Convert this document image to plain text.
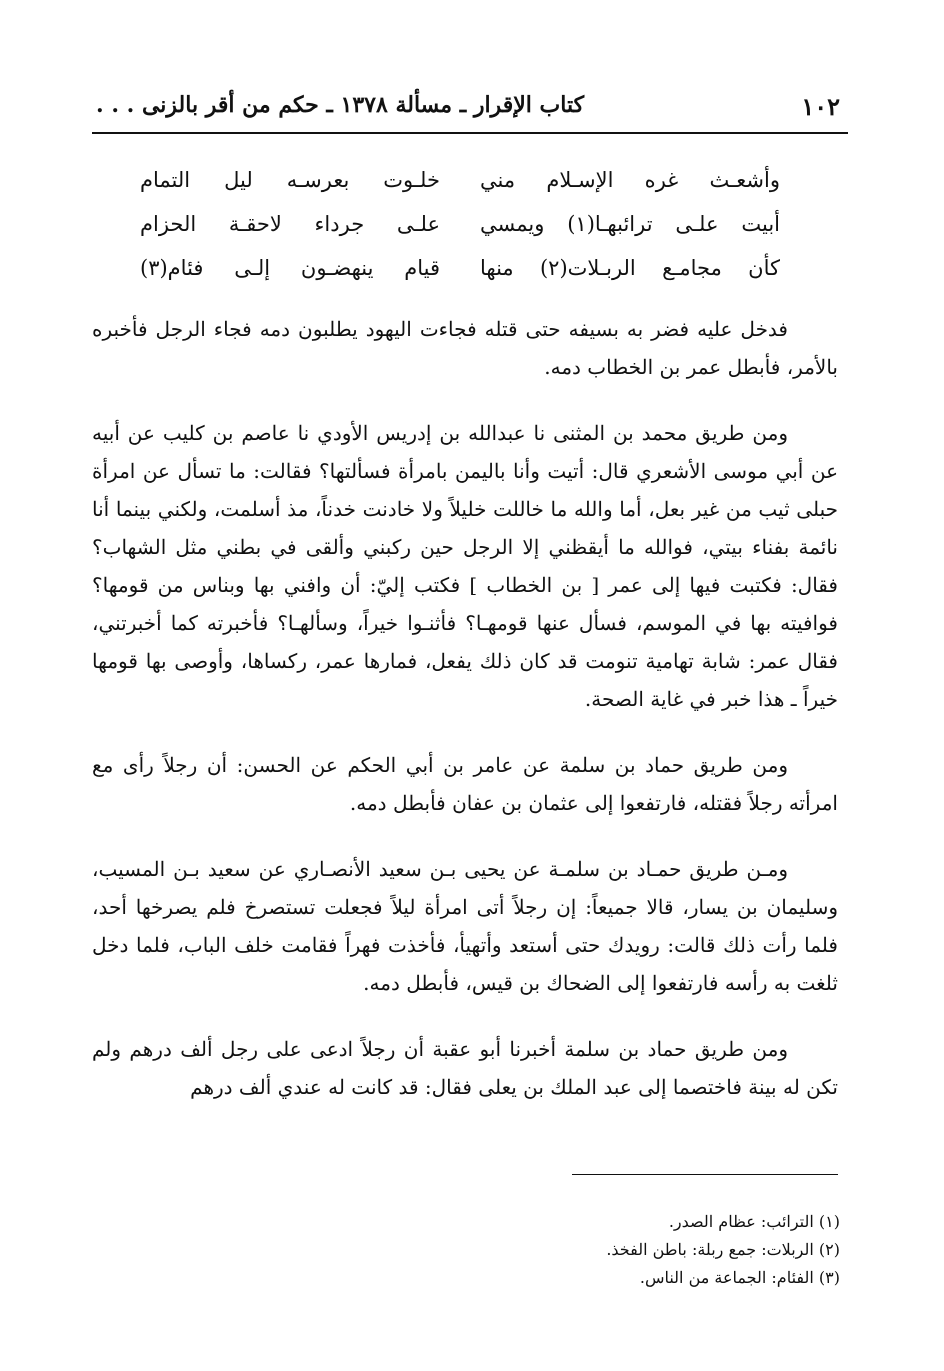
١٠٢
كتاب الإقرار ـ مسألة ١٣٧٨ ـ حكم من أقر بالزنى . . .
وأشعـث غره الإسـلام مني
خلـوت بعرسـه ليل التمام
أبيت علـى ترائبهـا(١) ويمسي
علـى جرداء لاحقـة الحزام
كأن مجامـع الربـلات(٢) منها
قيام ينهضـون إلـى فئام(٣)

فدخل عليه فضر به بسيفه حتى قتله فجاءت اليهود يطلبون دمه فجاء الرجل فأخبره بالأمر، فأبطل عمر بن الخطاب دمه.

ومن طريق محمد بن المثنى نا عبدالله بن إدريس الأودي نا عاصم بن كليب عن أبيه عن أبي موسى الأشعري قال: أتيت وأنا باليمن بامرأة فسألتها؟ فقالت: ما تسأل عن امرأة حبلى ثيب من غير بعل، أما والله ما خاللت خليلاً ولا خادنت خدناً، مذ أسلمت، ولكني بينما أنا نائمة بفناء بيتي، فوالله ما أيقظني إلا الرجل حين ركبني وألقى في بطني مثل الشهاب؟ فقال: فكتبت فيها إلى عمر [ بن الخطاب ] فكتب إليّ: أن وافني بها وبناس من قومها؟ فوافيته بها في الموسم، فسأل عنها قومهـا؟ فأثنـوا خيراً، وسألهـا؟ فأخبرته كما أخبرتني، فقال عمر: شابة تهامية تنومت قد كان ذلك يفعل، فمارها عمر، ركساها، وأوصى بها قومها خيراً ـ هذا خبر في غاية الصحة.

ومن طريق حماد بن سلمة عن عامر بن أبي الحكم عن الحسن: أن رجلاً رأى مع امرأته رجلاً فقتله، فارتفعوا إلى عثمان بن عفان فأبطل دمه.

ومـن طريق حمـاد بن سلمـة عن يحيى بـن سعيد الأنصـاري عن سعيد بـن المسيب، وسليمان بن يسار، قالا جميعاً: إن رجلاً أتى امرأة ليلاً فجعلت تستصرخ فلم يصرخها أحد، فلما رأت ذلك قالت: رويدك حتى أستعد وأتهيأ، فأخذت فهراً فقامت خلف الباب، فلما دخل ثلغت به رأسه فارتفعوا إلى الضحاك بن قيس، فأبطل دمه.

ومن طريق حماد بن سلمة أخبرنا أبو عقبة أن رجلاً ادعى على رجل ألف درهم ولم تكن له بينة فاختصما إلى عبد الملك بن يعلى فقال: قد كانت له عندي ألف درهم

(١) الترائب: عظام الصدر.
(٢) الربلات: جمع ربلة: باطن الفخذ.
(٣) الفئام: الجماعة من الناس.
